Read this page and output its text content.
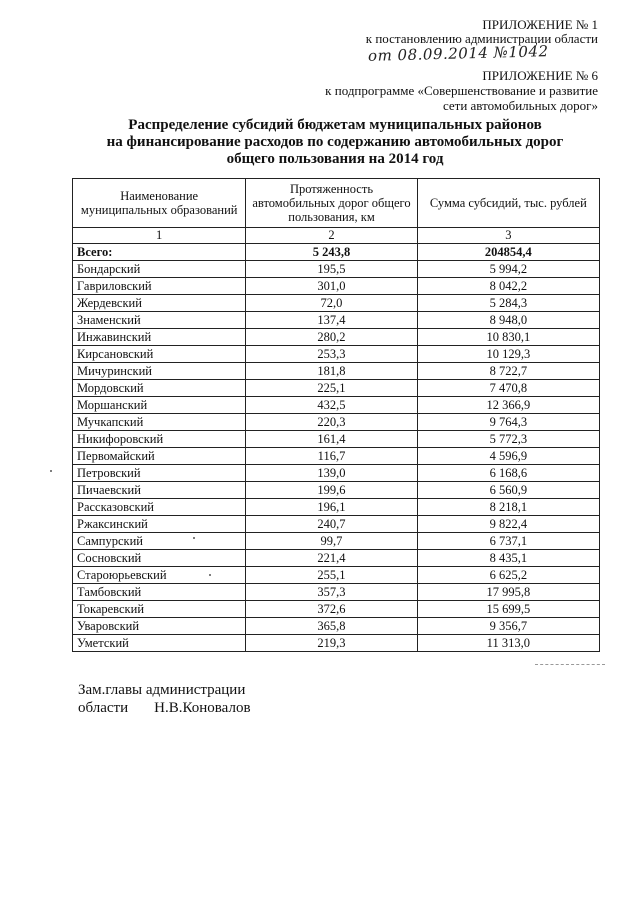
ПРИЛОЖЕНИЕ № 1
к постановлению администрации области
от 08.09.2014 №1042
ПРИЛОЖЕНИЕ № 6
к подпрограмме «Совершенствование и развитие
сети автомобильных дорог»
Распределение субсидий бюджетам муниципальных районов
на финансирование расходов по содержанию автомобильных дорог
общего пользования на 2014 год
Наименование муниципальных образований	Протяженность автомобильных дорог общего пользования, км	Сумма субсидий, тыс. рублей
1	2	3
Всего:	5 243,8	204854,4
Бондарский	195,5	5 994,2
Гавриловский	301,0	8 042,2
Жердевский	72,0	5 284,3
Знаменский	137,4	8 948,0
Инжавинский	280,2	10 830,1
Кирсановский	253,3	10 129,3
Мичуринский	181,8	8 722,7
Мордовский	225,1	7 470,8
Моршанский	432,5	12 366,9
Мучкапский	220,3	9 764,3
Никифоровский	161,4	5 772,3
Первомайский	116,7	4 596,9
Петровский	139,0	6 168,6
Пичаевский	199,6	6 560,9
Рассказовский	196,1	8 218,1
Ржаксинский	240,7	9 822,4
Сампурский	99,7	6 737,1
Сосновский	221,4	8 435,1
Староюрьевский	255,1	6 625,2
Тамбовский	357,3	17 995,8
Токаревский	372,6	15 699,5
Уваровский	365,8	9 356,7
Уметский	219,3	11 313,0
Зам.главы администрации
области Н.В.Коновалов
